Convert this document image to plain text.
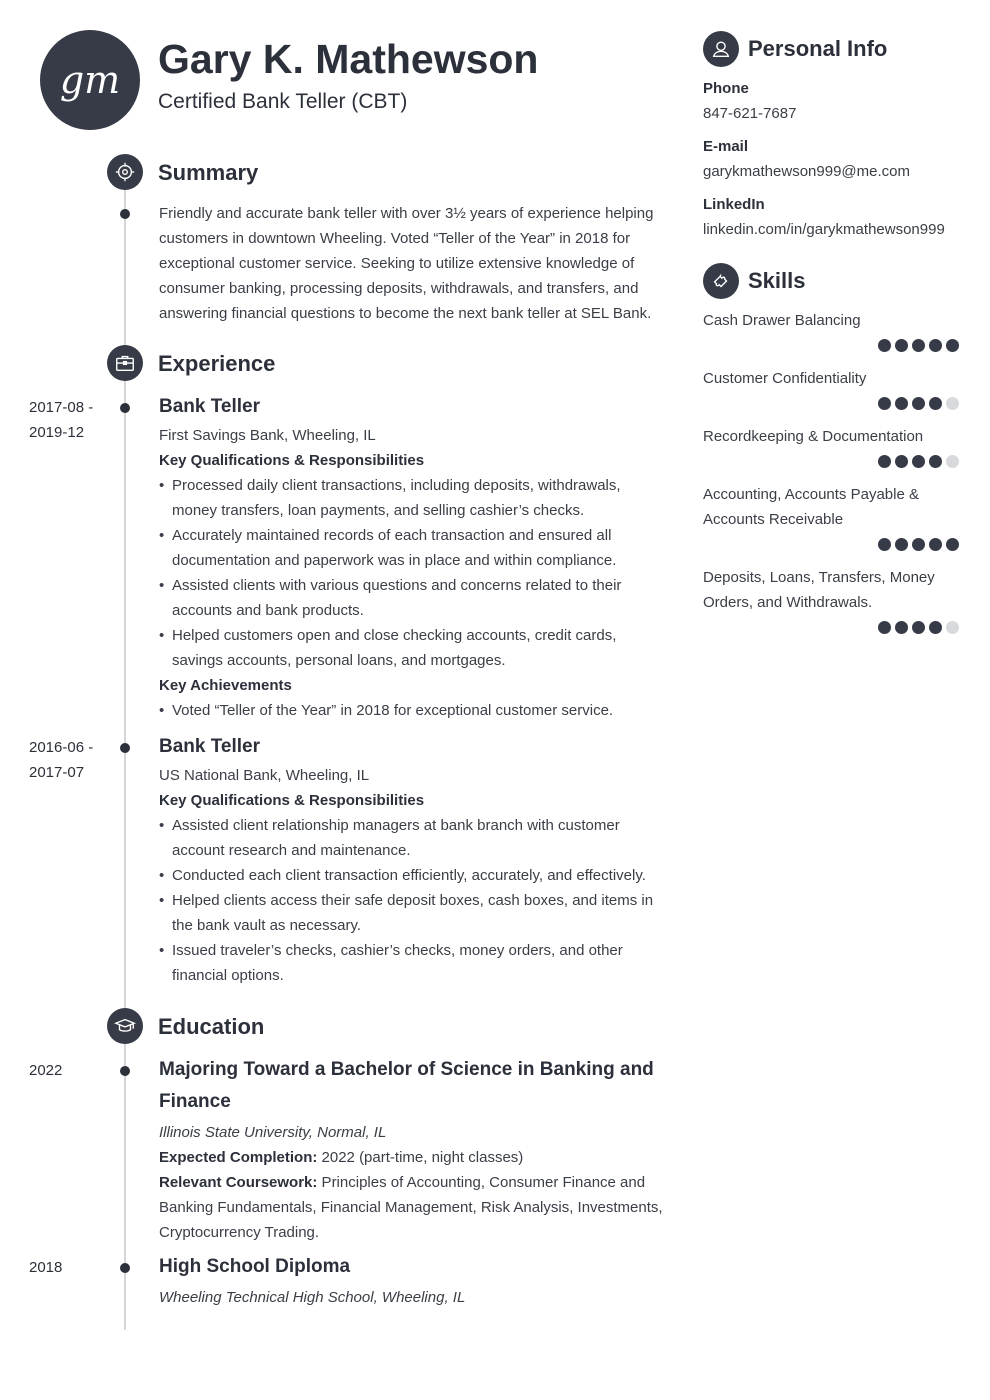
gm Gary K. Mathewson
Certified Bank Teller (CBT)
Summary
Friendly and accurate bank teller with over 3½ years of experience helping customers in downtown Wheeling. Voted “Teller of the Year” in 2018 for exceptional customer service. Seeking to utilize extensive knowledge of consumer banking, processing deposits, withdrawals, and transfers, and answering financial questions to become the next bank teller at SEL Bank.
Experience
2017-08 -
2019-12
Bank Teller
First Savings Bank, Wheeling, IL
Key Qualifications & Responsibilities
• Processed daily client transactions, including deposits, withdrawals, money transfers, loan payments, and selling cashier’s checks.
• Accurately maintained records of each transaction and ensured all documentation and paperwork was in place and within compliance.
• Assisted clients with various questions and concerns related to their accounts and bank products.
• Helped customers open and close checking accounts, credit cards, savings accounts, personal loans, and mortgages.
Key Achievements
• Voted “Teller of the Year” in 2018 for exceptional customer service.
2016-06 -
2017-07
Bank Teller
US National Bank, Wheeling, IL
Key Qualifications & Responsibilities
• Assisted client relationship managers at bank branch with customer account research and maintenance.
• Conducted each client transaction efficiently, accurately, and effectively.
• Helped clients access their safe deposit boxes, cash boxes, and items in the bank vault as necessary.
• Issued traveler’s checks, cashier’s checks, money orders, and other financial options.
Education
2022	Majoring Toward a Bachelor of Science in Banking and Finance
Illinois State University, Normal, IL
Expected Completion: 2022 (part-time, night classes)
Relevant Coursework: Principles of Accounting, Consumer Finance and Banking Fundamentals, Financial Management, Risk Analysis, Investments, Cryptocurrency Trading.
2018	High School Diploma
Wheeling Technical High School, Wheeling, IL
Personal Info
Phone
847-621-7687
E-mail
garykmathewson999@me.com
LinkedIn
linkedin.com/in/garykmathewson999
Skills
Cash Drawer Balancing
Customer Confidentiality
Recordkeeping & Documentation
Accounting, Accounts Payable & Accounts Receivable
Deposits, Loans, Transfers, Money Orders, and Withdrawals.
